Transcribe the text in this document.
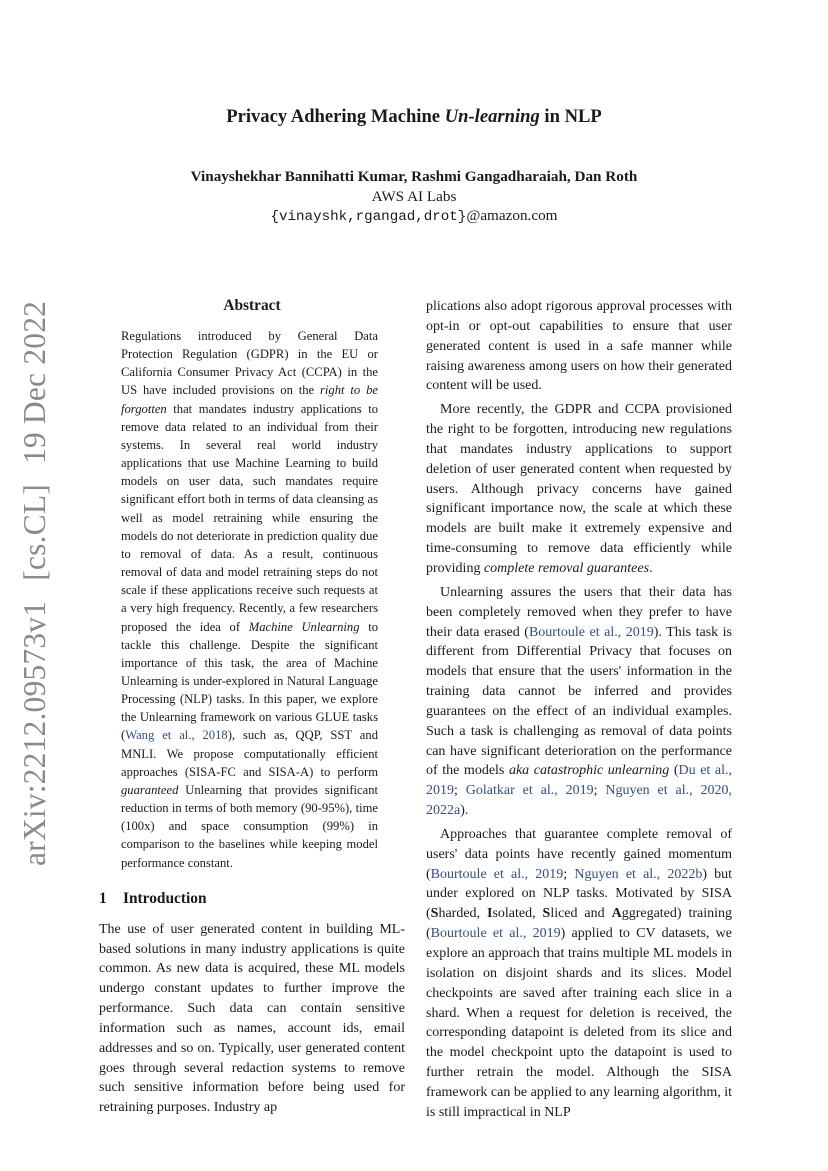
arXiv:2212.09573v1[cs.CL]19 Dec 2022
Privacy Adhering Machine Un-learning in NLP
Vinayshekhar Bannihatti Kumar, Rashmi Gangadharaiah, Dan Roth
AWS AI Labs
{vinayshk,rgangad,drot}@amazon.com
Abstract
Regulations introduced by General Data Protection Regulation (GDPR) in the EU or California Consumer Privacy Act (CCPA) in the US have included provisions on the right to be forgotten that mandates industry applications to remove data related to an individual from their systems. In several real world industry applications that use Machine Learning to build models on user data, such mandates require significant effort both in terms of data cleansing as well as model retraining while ensuring the models do not deteriorate in prediction quality due to removal of data. As a result, continuous removal of data and model retraining steps do not scale if these applications receive such requests at a very high frequency. Recently, a few researchers proposed the idea of Machine Unlearning to tackle this challenge. Despite the significant importance of this task, the area of Machine Unlearning is under-explored in Natural Language Processing (NLP) tasks. In this paper, we explore the Unlearning framework on various GLUE tasks (Wang et al., 2018), such as, QQP, SST and MNLI. We propose computationally efficient approaches (SISA-FC and SISA-A) to perform guaranteed Unlearning that provides significant reduction in terms of both memory (90-95%), time (100x) and space consumption (99%) in comparison to the baselines while keeping model performance constant.
1 Introduction

The use of user generated content in building ML-based solutions in many industry applications is quite common. As new data is acquired, these ML models undergo constant updates to further improve the performance. Such data can contain sensitive information such as names, account ids, email addresses and so on. Typically, user generated content goes through several redaction systems to remove such sensitive information before being used for retraining purposes. Industry ap

plications also adopt rigorous approval processes with opt-in or opt-out capabilities to ensure that user generated content is used in a safe manner while raising awareness among users on how their generated content will be used.

More recently, the GDPR and CCPA provisioned the right to be forgotten, introducing new regulations that mandates industry applications to support deletion of user generated content when requested by users. Although privacy concerns have gained significant importance now, the scale at which these models are built make it extremely expensive and time-consuming to remove data efficiently while providing complete removal guarantees.

Unlearning assures the users that their data has been completely removed when they prefer to have their data erased (Bourtoule et al., 2019). This task is different from Differential Privacy that focuses on models that ensure that the users' information in the training data cannot be inferred and provides guarantees on the effect of an individual examples. Such a task is challenging as removal of data points can have significant deterioration on the performance of the models aka catastrophic unlearning (Du et al., 2019; Golatkar et al., 2019; Nguyen et al., 2020, 2022a).

Approaches that guarantee complete removal of users' data points have recently gained momentum (Bourtoule et al., 2019; Nguyen et al., 2022b) but under explored on NLP tasks. Motivated by SISA (Sharded, Isolated, Sliced and Aggregated) training (Bourtoule et al., 2019) applied to CV datasets, we explore an approach that trains multiple ML models in isolation on disjoint shards and its slices. Model checkpoints are saved after training each slice in a shard. When a request for deletion is received, the corresponding datapoint is deleted from its slice and the model checkpoint upto the datapoint is used to further retrain the model. Although the SISA framework can be applied to any learning algorithm, it is still impractical in NLP
